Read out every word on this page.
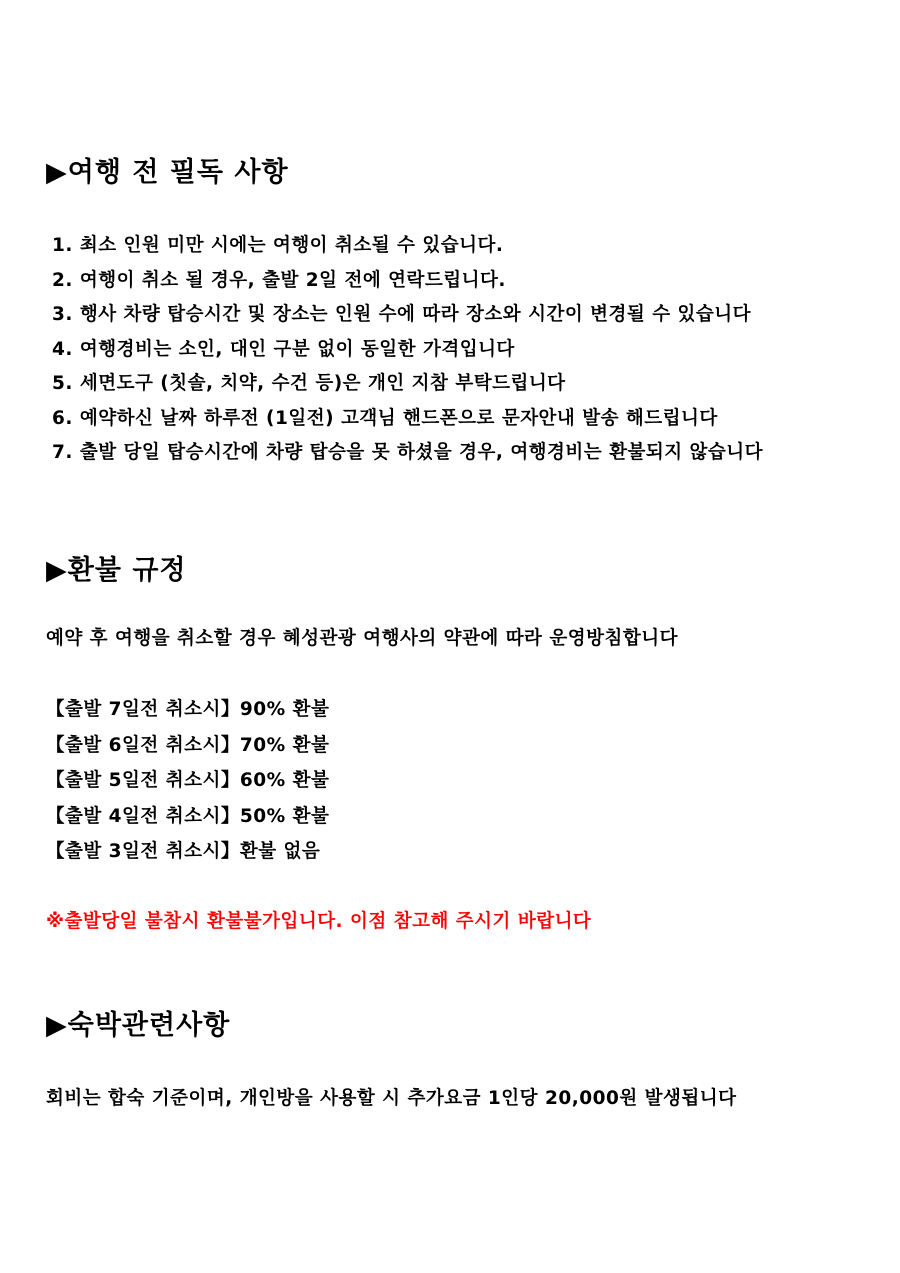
▶여행 전 필독 사항
1. 최소 인원 미만 시에는 여행이 취소될 수 있습니다.
2. 여행이 취소 될 경우, 출발 2일 전에 연락드립니다.
3. 행사 차량 탑승시간 및 장소는 인원 수에 따라 장소와 시간이 변경될 수 있습니다
4. 여행경비는 소인, 대인 구분 없이 동일한 가격입니다
5. 세면도구 (칫솔, 치약, 수건 등)은 개인 지참 부탁드립니다
6. 예약하신 날짜 하루전 (1일전) 고객님 핸드폰으로 문자안내 발송 해드립니다
7. 출발 당일 탑승시간에 차량 탑승을 못 하셨을 경우, 여행경비는 환불되지 않습니다
▶환불 규정

예약 후 여행을 취소할 경우 혜성관광 여행사의 약관에 따라 운영방침합니다

【출발 7일전 취소시】90% 환불
【출발 6일전 취소시】70% 환불
【출발 5일전 취소시】60% 환불
【출발 4일전 취소시】50% 환불
【출발 3일전 취소시】환불 없음

※출발당일 불참시 환불불가입니다. 이점 참고해 주시기 바랍니다

▶숙박관련사항

회비는 합숙 기준이며, 개인방을 사용할 시 추가요금 1인당 20,000원 발생됩니다
